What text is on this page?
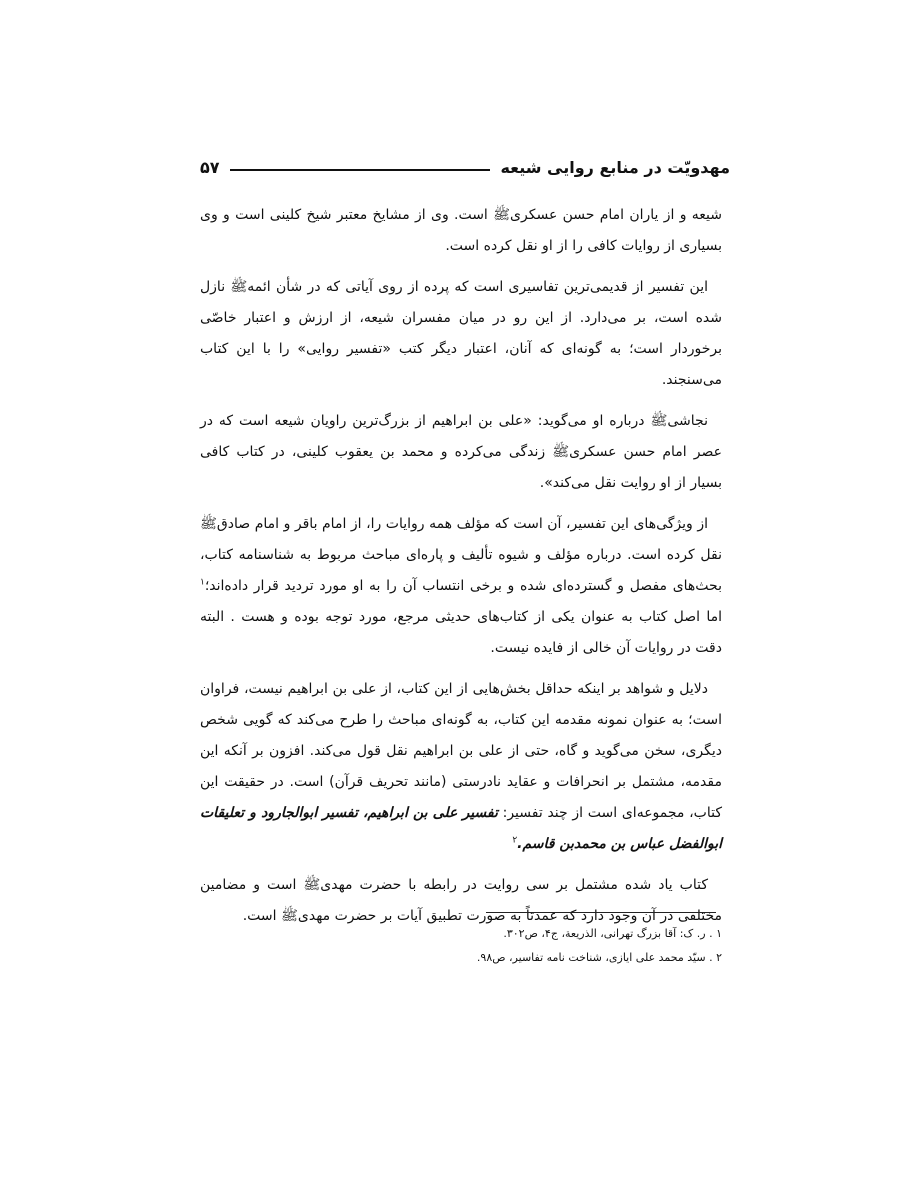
مهدویّت در منابع روایی شیعه
۵۷

شیعه و از یاران امام حسن عسکریﷺ است. وی از مشایخ معتبر شیخ کلینی است و وی بسیاری از روایات کافی را از او نقل کرده است.

این تفسیر از قدیمی‌ترین تفاسیری است که پرده از روی آیاتی که در شأن ائمهﷺ نازل شده است، بر می‌دارد. از این رو در میان مفسران شیعه، از ارزش و اعتبار خاصّی برخوردار است؛ به گونه‌ای که آنان، اعتبار دیگر کتب «تفسیر روایی» را با این کتاب می‌سنجند.

نجاشیﷺ درباره او می‌گوید: «علی بن ابراهیم از بزرگ‌ترین راویان شیعه است که در عصر امام حسن عسکریﷺ زندگی می‌کرده و محمد بن یعقوب کلینی، در کتاب کافی بسیار از او روایت نقل می‌کند».

از ویژگی‌های این تفسیر، آن است که مؤلف همه روایات را، از امام باقر و امام صادقﷺ نقل کرده است. درباره مؤلف و شیوه تألیف و پاره‌ای مباحث مربوط به شناسنامه کتاب، بحث‌های مفصل و گسترده‌ای شده و برخی انتساب آن را به او مورد تردید قرار داده‌اند؛$^۱$ اما اصل کتاب به عنوان یکی از کتاب‌های حدیثی مرجع، مورد توجه بوده و هست . البته دقت در روایات آن خالی از فایده نیست.

دلایل و شواهد بر اینکه حداقل بخش‌هایی از این کتاب، از علی بن ابراهیم نیست، فراوان است؛ به عنوان نمونه مقدمه این کتاب، به گونه‌ای مباحث را طرح می‌کند که گویی شخص دیگری، سخن می‌گوید و گاه، حتی از علی بن ابراهیم نقل قول می‌کند. افزون بر آنکه این مقدمه، مشتمل بر انحرافات و عقاید نادرستی (مانند تحریف قرآن) است. در حقیقت این کتاب، مجموعه‌ای است از چند تفسیر: تفسیر علی بن ابراهیم، تفسیر ابوالجارود و تعلیقات ابوالفضل عباس بن محمدبن قاسم.$^۲$

کتاب یاد شده مشتمل بر سی روایت در رابطه با حضرت مهدیﷺ است و مضامین مختلفی در آن وجود دارد که عمدتاً به صورت تطبیق آیات بر حضرت مهدیﷺ است.

۱ . ر. ک: آقا بزرگ تهرانی، الذریعة، ج۴، ص۳۰۲.
۲ . سیّد محمد علی ایازی، شناخت نامه تفاسیر، ص۹۸.
